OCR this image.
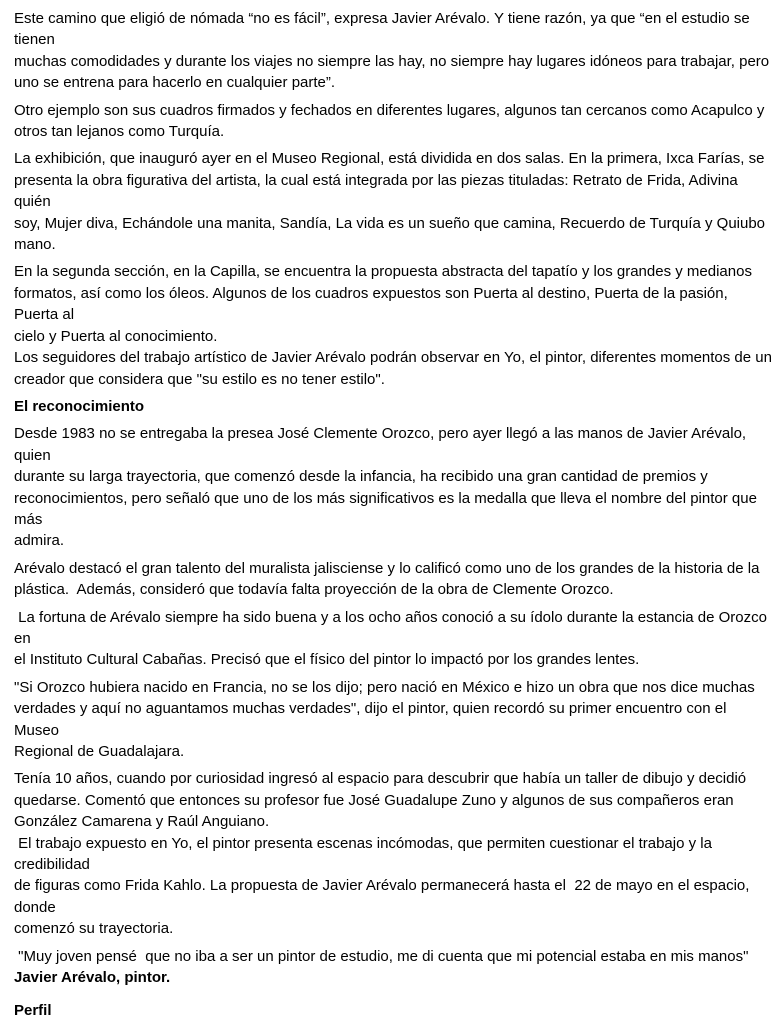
Este camino que eligió de nómada “no es fácil”, expresa Javier Arévalo. Y tiene razón, ya que “en el estudio se tienen
muchas comodidades y durante los viajes no siempre las hay, no siempre hay lugares idóneos para trabajar, pero
uno se entrena para hacerlo en cualquier parte”.

Otro ejemplo son sus cuadros firmados y fechados en diferentes lugares, algunos tan cercanos como Acapulco y
otros tan lejanos como Turquía.

La exhibición, que inauguró ayer en el Museo Regional, está dividida en dos salas. En la primera, Ixca Farías, se
presenta la obra figurativa del artista, la cual está integrada por las piezas tituladas: Retrato de Frida, Adivina quién
soy, Mujer diva, Echándole una manita, Sandía, La vida es un sueño que camina, Recuerdo de Turquía y Quiubo
mano.

En la segunda sección, en la Capilla, se encuentra la propuesta abstracta del tapatío y los grandes y medianos
formatos, así como los óleos. Algunos de los cuadros expuestos son Puerta al destino, Puerta de la pasión, Puerta al
cielo y Puerta al conocimiento.
Los seguidores del trabajo artístico de Javier Arévalo podrán observar en Yo, el pintor, diferentes momentos de un
creador que considera que "su estilo es no tener estilo".

El reconocimiento

Desde 1983 no se entregaba la presea José Clemente Orozco, pero ayer llegó a las manos de Javier Arévalo, quien
durante su larga trayectoria, que comenzó desde la infancia, ha recibido una gran cantidad de premios y
reconocimientos, pero señaló que uno de los más significativos es la medalla que lleva el nombre del pintor que más
admira.

Arévalo destacó el gran talento del muralista jalisciense y lo calificó como uno de los grandes de la historia de la
plástica.  Además, consideró que todavía falta proyección de la obra de Clemente Orozco.

La fortuna de Arévalo siempre ha sido buena y a los ocho años conoció a su ídolo durante la estancia de Orozco en
el Instituto Cultural Cabañas. Precisó que el físico del pintor lo impactó por los grandes lentes.

"Si Orozco hubiera nacido en Francia, no se los dijo; pero nació en México e hizo un obra que nos dice muchas
verdades y aquí no aguantamos muchas verdades", dijo el pintor, quien recordó su primer encuentro con el Museo
Regional de Guadalajara.

Tenía 10 años, cuando por curiosidad ingresó al espacio para descubrir que había un taller de dibujo y decidió
quedarse. Comentó que entonces su profesor fue José Guadalupe Zuno y algunos de sus compañeros eran
González Camarena y Raúl Anguiano.
El trabajo expuesto en Yo, el pintor presenta escenas incómodas, que permiten cuestionar el trabajo y la credibilidad
de figuras como Frida Kahlo. La propuesta de Javier Arévalo permanecerá hasta el  22 de mayo en el espacio, donde
comenzó su trayectoria.

"Muy joven pensé  que no iba a ser un pintor de estudio, me di cuenta que mi potencial estaba en mis manos"
Javier Arévalo, pintor.

Perfil
